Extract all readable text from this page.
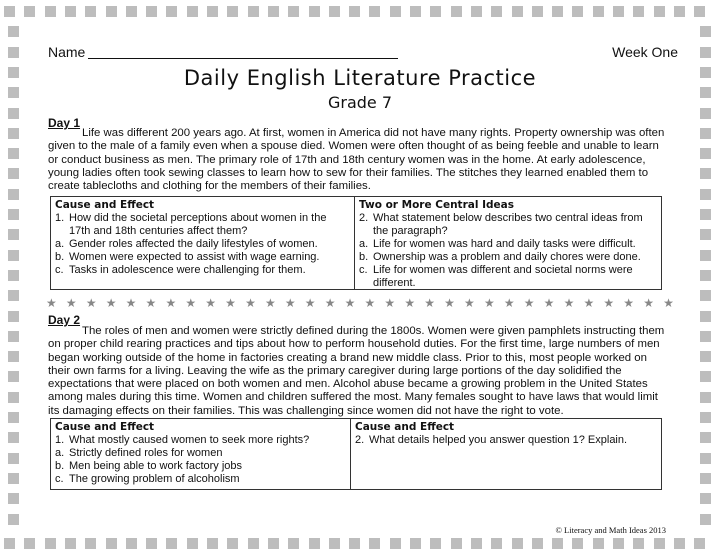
Name	Week One
Daily English Literature Practice
Grade 7
Day 1
Life was different 200 years ago. At first, women in America did not have many rights. Property ownership was often given to the male of a family even when a spouse died. Women were often thought of as being feeble and unable to learn or conduct business as men. The primary role of 17th and 18th century women was in the home. At early adolescence, young ladies often took sewing classes to learn how to sew for their families. The stitches they learned enabled them to create tablecloths and clothing for the members of their families.
Cause and Effect
1. How did the societal perceptions about women in the 17th and 18th centuries affect them?
a. Gender roles affected the daily lifestyles of women.
b. Women were expected to assist with wage earning.
c. Tasks in adolescence were challenging for them.
Two or More Central Ideas
2. What statement below describes two central ideas from the paragraph?
a. Life for women was hard and daily tasks were difficult.
b. Ownership was a problem and daily chores were done.
c. Life for women was different and societal norms were different.
★ ★ ★ ★ ★ ★ ★ ★ ★ ★ ★ ★ ★ ★ ★ ★ ★ ★ ★ ★ ★ ★ ★ ★ ★ ★ ★ ★ ★ ★ ★ ★
Day 2
The roles of men and women were strictly defined during the 1800s. Women were given pamphlets instructing them on proper child rearing practices and tips about how to perform household duties. For the first time, large numbers of men began working outside of the home in factories creating a brand new middle class. Prior to this, most people worked on their own farms for a living. Leaving the wife as the primary caregiver during large portions of the day solidified the expectations that were placed on both women and men. Alcohol abuse became a growing problem in the United States among males during this time. Women and children suffered the most. Many females sought to have laws that would limit its damaging effects on their families. This was challenging since women did not have the right to vote.
Cause and Effect
1. What mostly caused women to seek more rights?
a. Strictly defined roles for women
b. Men being able to work factory jobs
c. The growing problem of alcoholism
Cause and Effect
2. What details helped you answer question 1? Explain.
© Literacy and Math Ideas 2013
